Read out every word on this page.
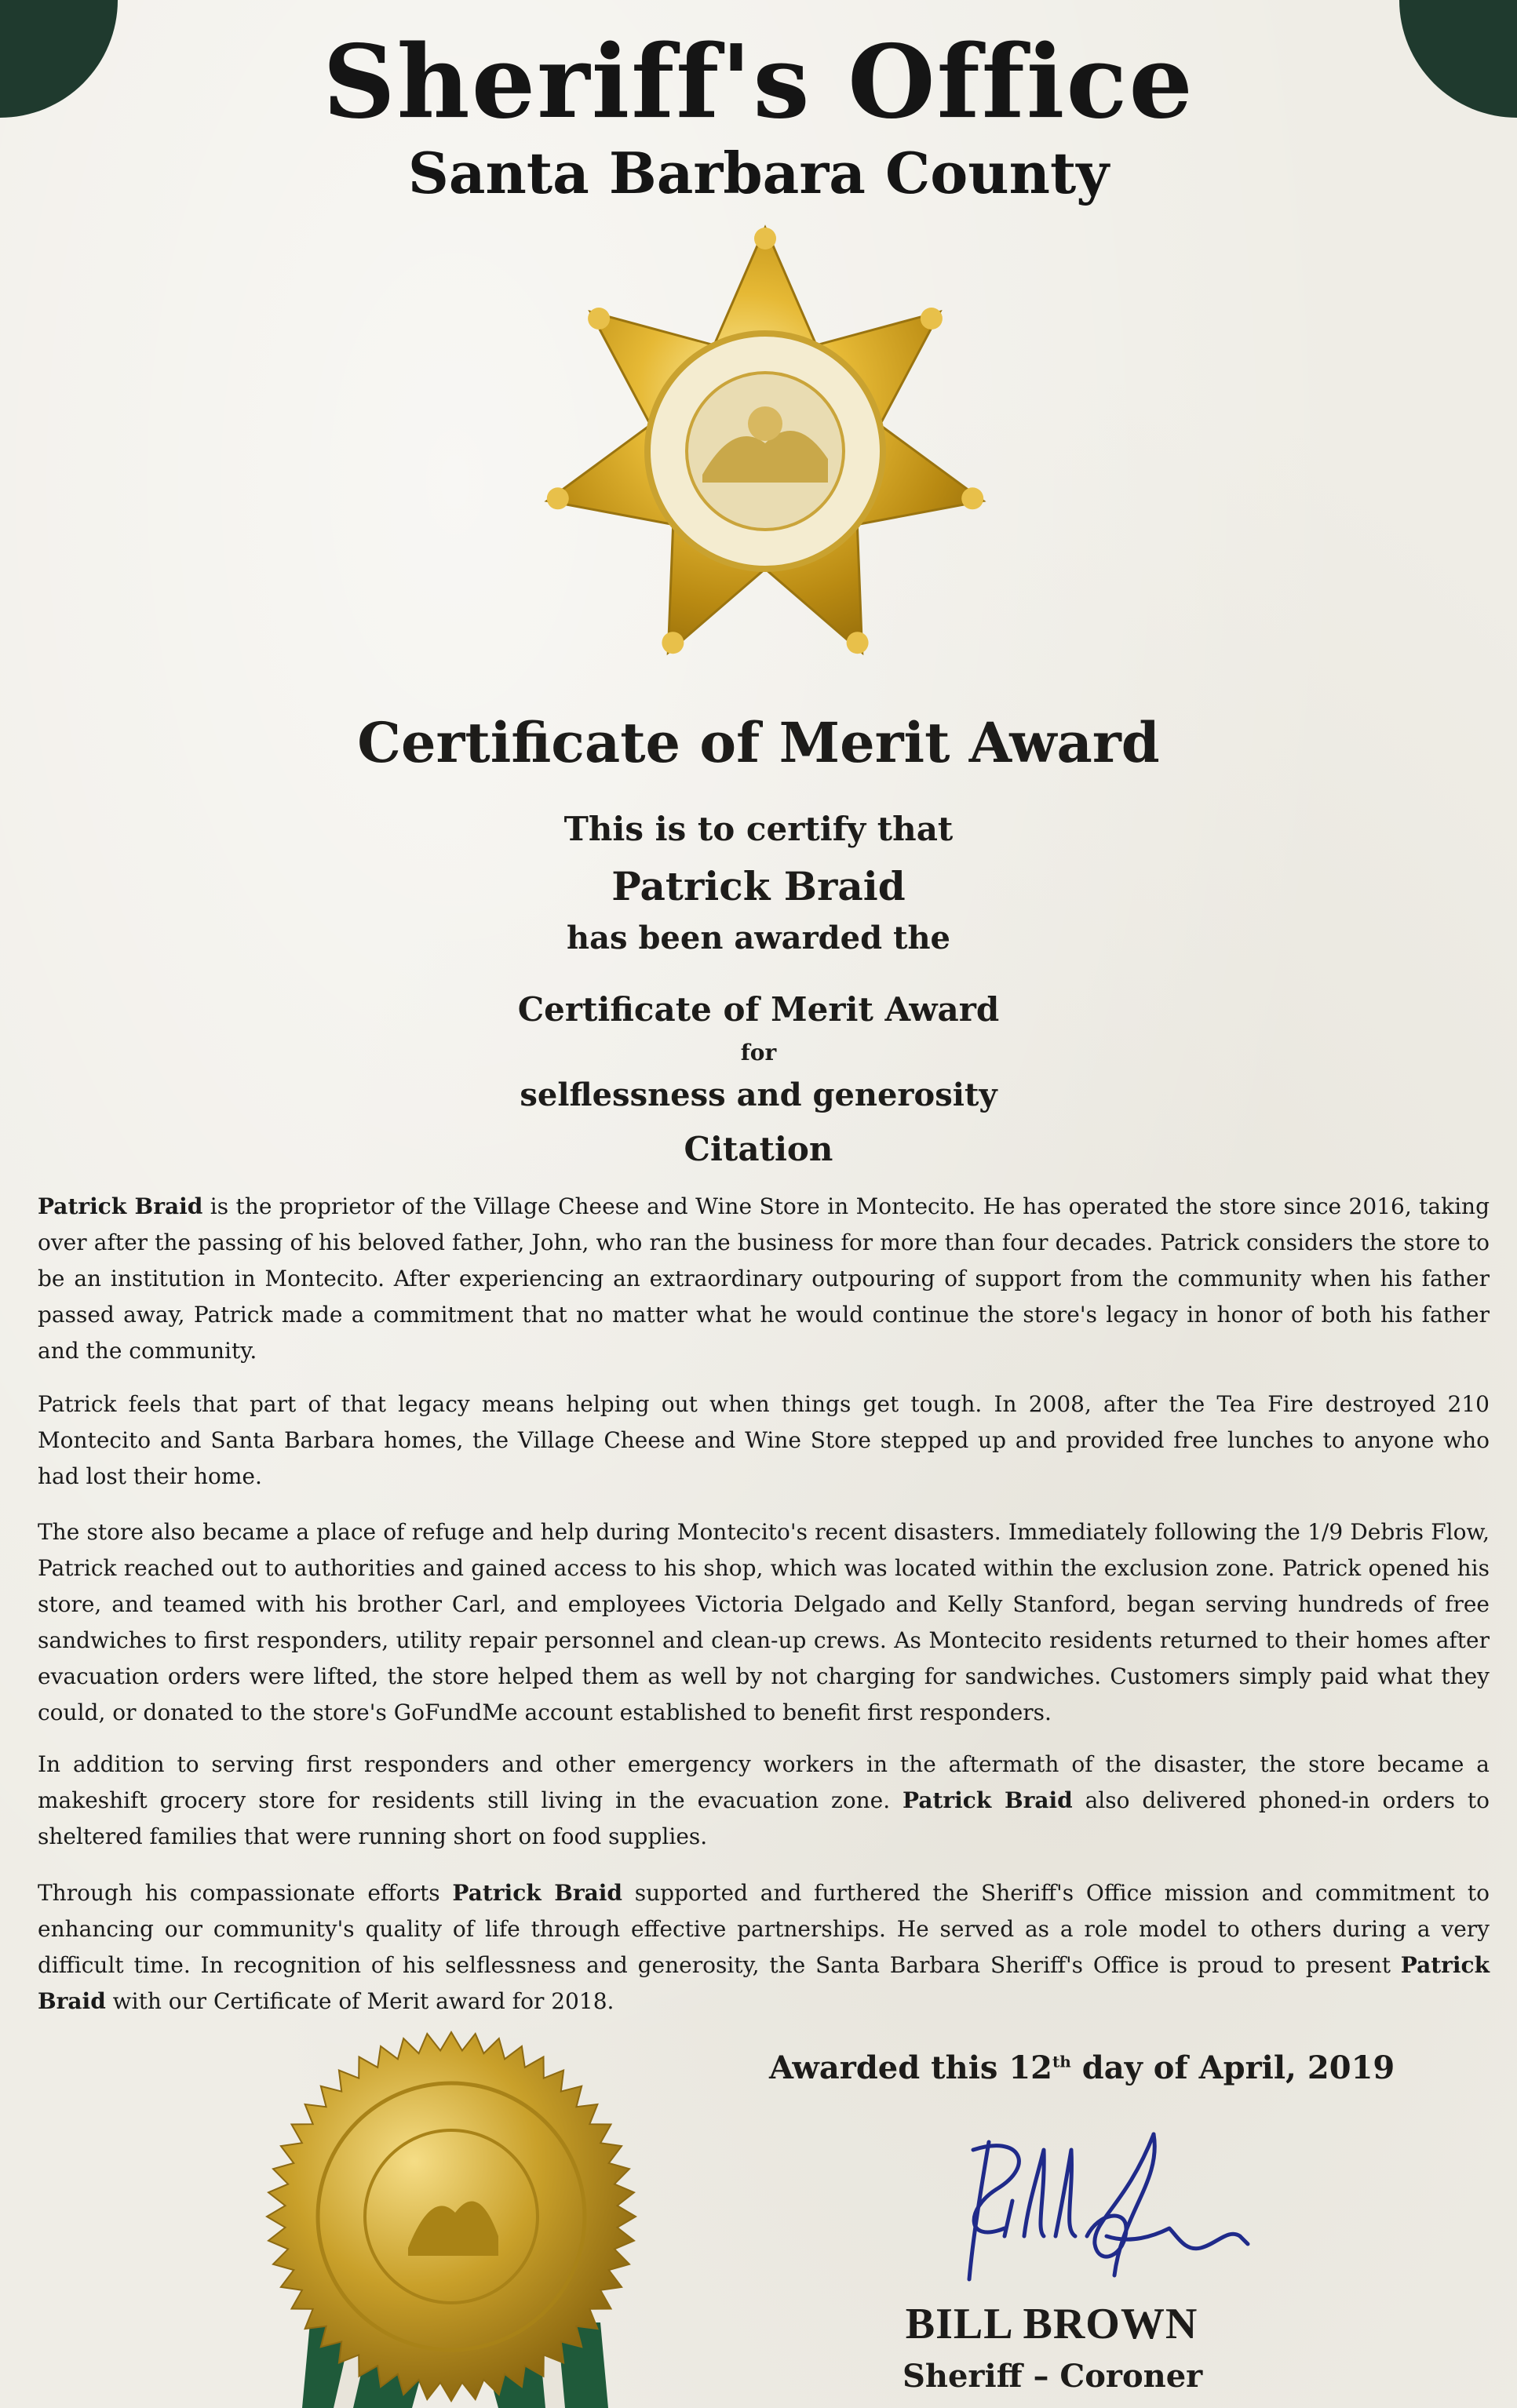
Sheriff's Office
Santa Barbara County
Certificate of Merit Award
This is to certify that
Patrick Braid
has been awarded the
Certificate of Merit Award
for
selflessness and generosity
Citation
Patrick Braid is the proprietor of the Village Cheese and Wine Store in Montecito. He has operated the store since 2016, taking over after the passing of his beloved father, John, who ran the business for more than four decades. Patrick considers the store to be an institution in Montecito. After experiencing an extraordinary outpouring of support from the community when his father passed away, Patrick made a commitment that no matter what he would continue the store's legacy in honor of both his father and the community.
Patrick feels that part of that legacy means helping out when things get tough. In 2008, after the Tea Fire destroyed 210 Montecito and Santa Barbara homes, the Village Cheese and Wine Store stepped up and provided free lunches to anyone who had lost their home.
The store also became a place of refuge and help during Montecito's recent disasters. Immediately following the 1/9 Debris Flow, Patrick reached out to authorities and gained access to his shop, which was located within the exclusion zone. Patrick opened his store, and teamed with his brother Carl, and employees Victoria Delgado and Kelly Stanford, began serving hundreds of free sandwiches to first responders, utility repair personnel and clean-up crews. As Montecito residents returned to their homes after evacuation orders were lifted, the store helped them as well by not charging for sandwiches. Customers simply paid what they could, or donated to the store's GoFundMe account established to benefit first responders.
In addition to serving first responders and other emergency workers in the aftermath of the disaster, the store became a makeshift grocery store for residents still living in the evacuation zone. Patrick Braid also delivered phoned-in orders to sheltered families that were running short on food supplies.
Through his compassionate efforts Patrick Braid supported and furthered the Sheriff's Office mission and commitment to enhancing our community's quality of life through effective partnerships. He served as a role model to others during a very difficult time. In recognition of his selflessness and generosity, the Santa Barbara Sheriff's Office is proud to present Patrick Braid with our Certificate of Merit award for 2018.
Awarded this 12th day of April, 2019
BILL BROWN
Sheriff – Coroner
